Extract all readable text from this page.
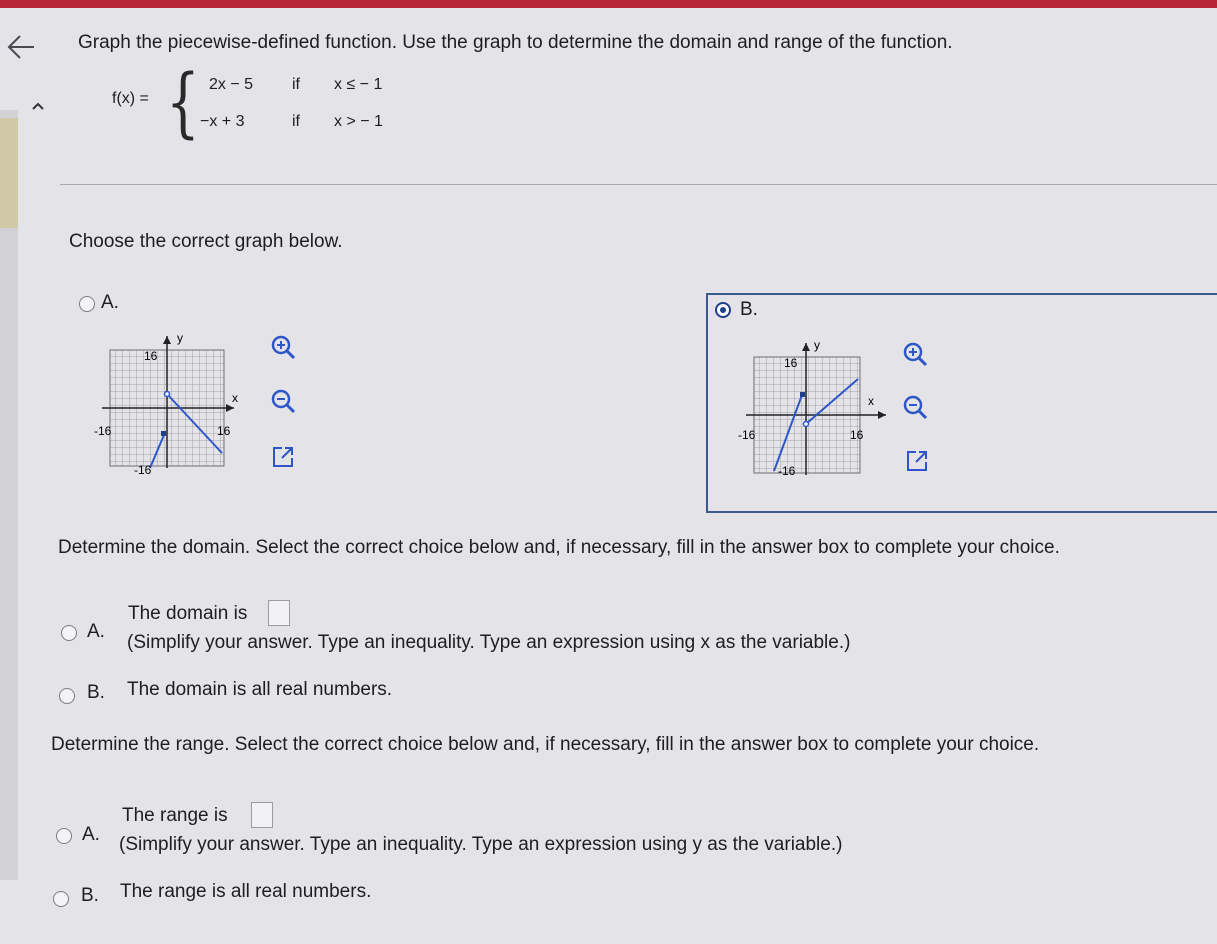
Graph the piecewise-defined function. Use the graph to determine the domain and range of the function.
f(x) = { 2x − 5 if x ≤ − 1
−x + 3	if x > − 1
Choose the correct graph below.
A.
y
x
16
-16	16
-16
B.
y
x
16
-16	16
-16
Determine the domain. Select the correct choice below and, if necessary, fill in the answer box to complete your choice.
A.
The domain is
(Simplify your answer. Type an inequality. Type an expression using x as the variable.)
B. The domain is all real numbers.
Determine the range. Select the correct choice below and, if necessary, fill in the answer box to complete your choice.
A.
The range is
(Simplify your answer. Type an inequality. Type an expression using y as the variable.)
B. The range is all real numbers.
